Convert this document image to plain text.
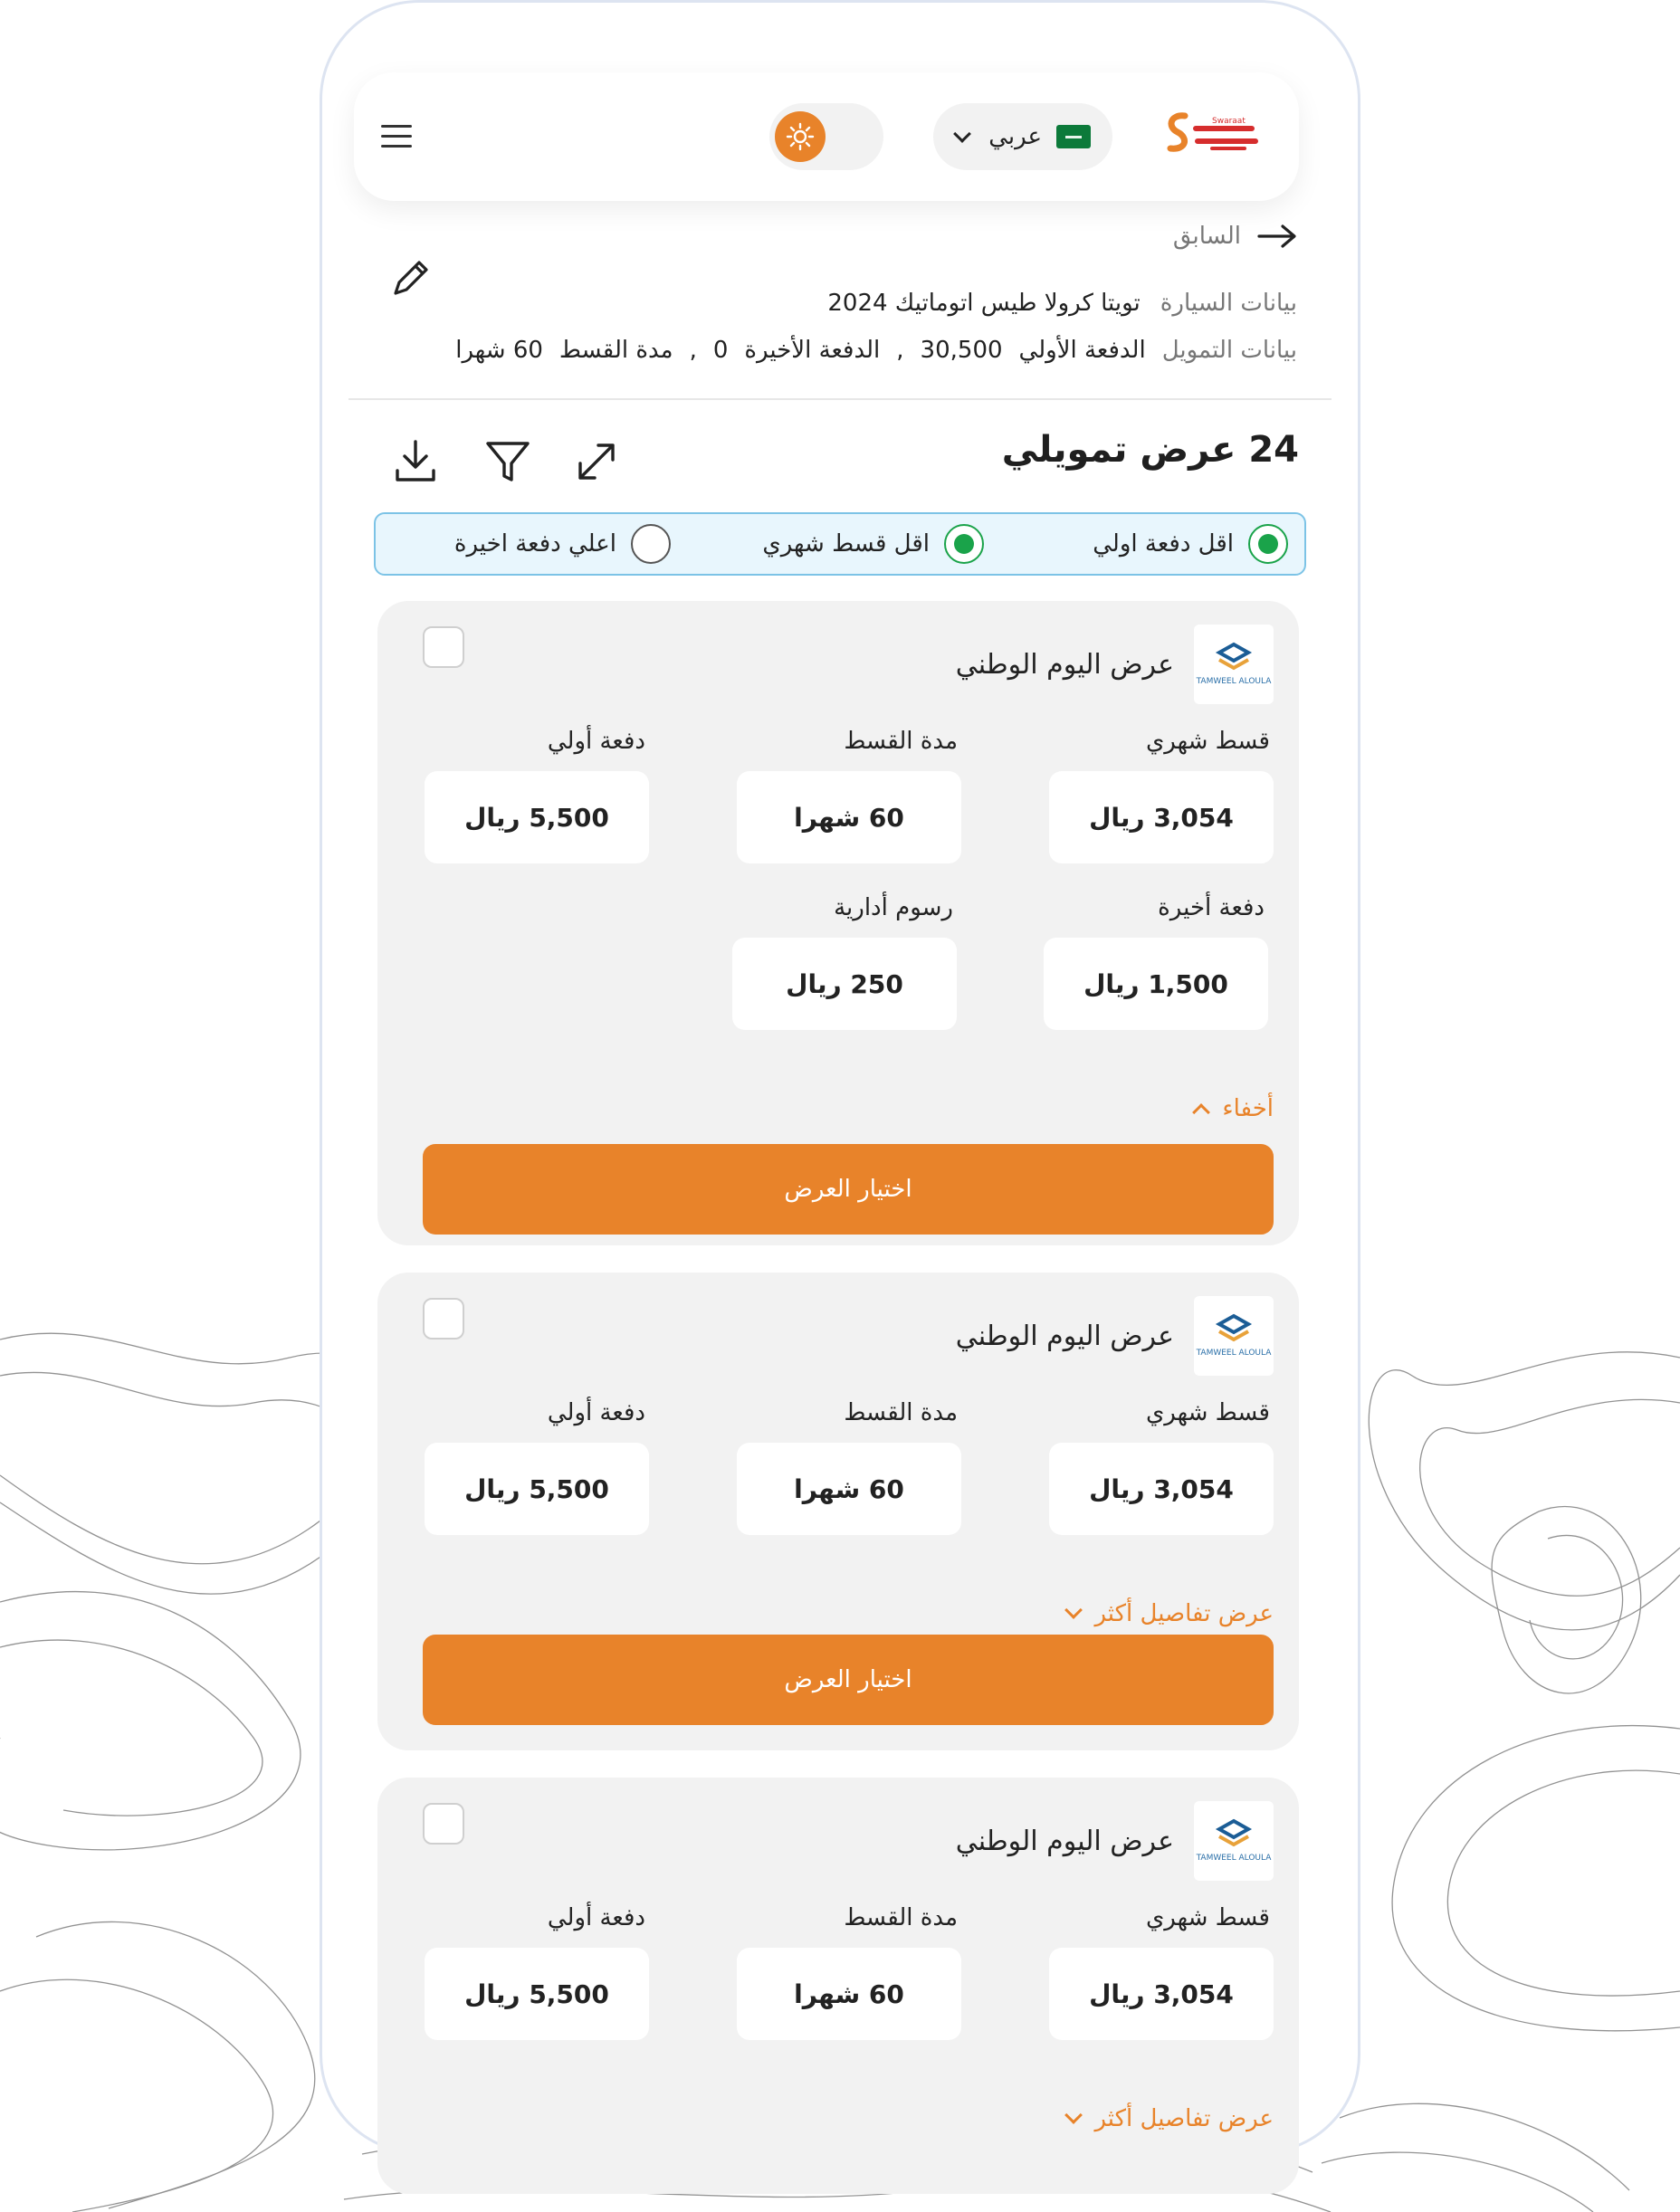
Swaraat
عربي
السابق
بيانات السيارة
تويتا كرولا طيس اتوماتيك 2024
بيانات التمويل
الدفعة الأولي
30,500
,
الدفعة الأخيرة
0
,
مدة القسط
60 شهرا
24 عرض تمويلي
اقل دفعة اولي
اقل قسط شهري
اعلي دفعة اخيرة
TAMWEEL ALOULA
عرض اليوم الوطني
قسط شهري
3,054 ريال
مدة القسط
60 شهرا
دفعة أولي
5,500 ريال
دفعة أخيرة
1,500 ريال
رسوم أدارية
250 ريال
أخفاء
اختيار العرض
TAMWEEL ALOULA
عرض اليوم الوطني
قسط شهري
3,054 ريال
مدة القسط
60 شهرا
دفعة أولي
5,500 ريال
عرض تفاصيل أكثر
اختيار العرض
TAMWEEL ALOULA
عرض اليوم الوطني
قسط شهري
3,054 ريال
مدة القسط
60 شهرا
دفعة أولي
5,500 ريال
عرض تفاصيل أكثر
